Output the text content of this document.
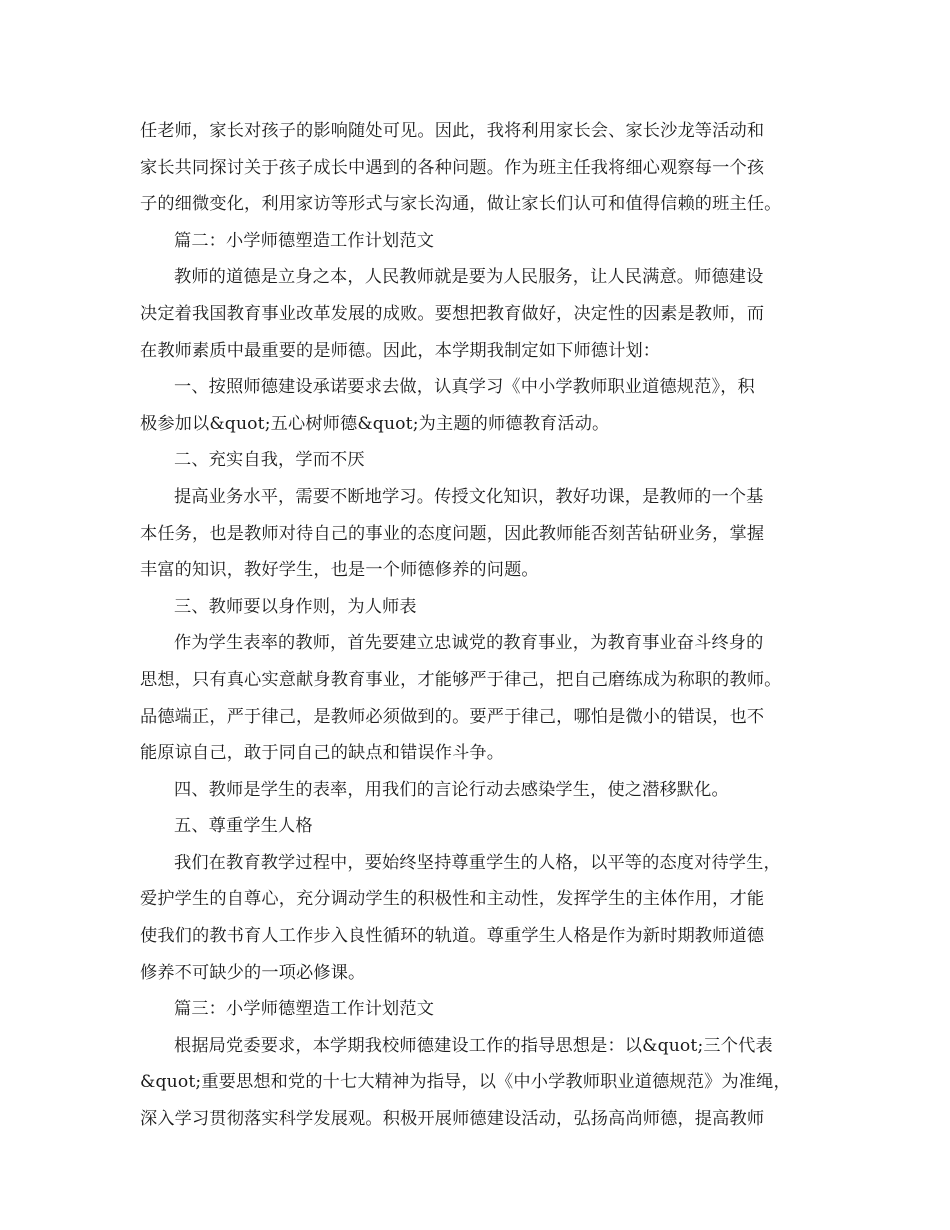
任老师，家长对孩子的影响随处可见。因此，我将利用家长会、家长沙龙等活动和
家长共同探讨关于孩子成长中遇到的各种问题。作为班主任我将细心观察每一个孩
子的细微变化，利用家访等形式与家长沟通，做让家长们认可和值得信赖的班主任。
篇二：小学师德塑造工作计划范文
教师的道德是立身之本，人民教师就是要为人民服务，让人民满意。师德建设
决定着我国教育事业改革发展的成败。要想把教育做好，决定性的因素是教师，而
在教师素质中最重要的是师德。因此，本学期我制定如下师德计划：
一、按照师德建设承诺要求去做，认真学习《中小学教师职业道德规范》，积
极参加以&quot;五心树师德&quot;为主题的师德教育活动。
二、充实自我，学而不厌
提高业务水平，需要不断地学习。传授文化知识，教好功课，是教师的一个基
本任务，也是教师对待自己的事业的态度问题，因此教师能否刻苦钻研业务，掌握
丰富的知识，教好学生，也是一个师德修养的问题。
三、教师要以身作则，为人师表
作为学生表率的教师，首先要建立忠诚党的教育事业，为教育事业奋斗终身的
思想，只有真心实意献身教育事业，才能够严于律己，把自己磨练成为称职的教师。
品德端正，严于律己，是教师必须做到的。要严于律己，哪怕是微小的错误，也不
能原谅自己，敢于同自己的缺点和错误作斗争。
四、教师是学生的表率，用我们的言论行动去感染学生，使之潜移默化。
五、尊重学生人格
我们在教育教学过程中，要始终坚持尊重学生的人格，以平等的态度对待学生，
爱护学生的自尊心，充分调动学生的积极性和主动性，发挥学生的主体作用，才能
使我们的教书育人工作步入良性循环的轨道。尊重学生人格是作为新时期教师道德
修养不可缺少的一项必修课。
篇三：小学师德塑造工作计划范文
根据局党委要求，本学期我校师德建设工作的指导思想是：以&quot;三个代表
&quot;重要思想和党的十七大精神为指导，以《中小学教师职业道德规范》为准绳，
深入学习贯彻落实科学发展观。积极开展师德建设活动，弘扬高尚师德，提高教师
